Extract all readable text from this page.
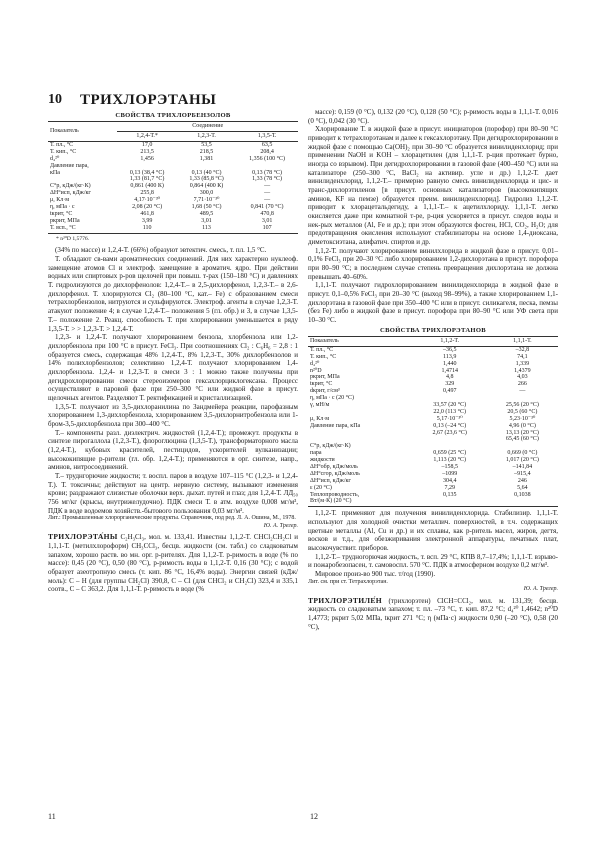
10 ТРИХЛОРЭТАНЫ
СВОЙСТВА ТРИХЛОРБЕНЗОЛОВ
Показатель	Соединение		
	1,2,4-Т.*	1,2,3-Т.	1,3,5-Т.
Т. пл., °С	17,0	53,5	63,5
Т. кип., °С	213,5	218,5	208,4
d₄²⁰	1,456	1,381	1,356 (100 °С)
Давление пара,			
кПа	0,13 (38,4 °С)	0,13 (40 °С)	0,13 (78 °С)
	1,33 (81,7 °С)	1,33 (85,8 °С)	1,33 (78 °С)
C°p, кДж/(кг·К)	0,861 (400 К)	0,864 (400 К)	—
ΔH°исп, кДж/кг	255,8	300,0	—
μ, Кл·м	4,17·10⁻³⁰	7,71·10⁻³⁰	—
η, мПа · с	2,08 (20 °С)	1,68 (50 °С)	0,841 (70 °С)
tкрит, °С	461,8	489,5	470,8
pкрит, МПа	3,99	3,01	3,01
Т. всп., °С	110	113	107
* n²⁰D 1,5776.

(34% по массе) и 1,2,4-Т. (66%) образуют эвтектич. смесь, т. пл. 1,5 °С.

Т. обладают св-вами ароматических соединений. Для них характерно нуклеоф. замещение атомов Cl и электроф. замещение в ароматич. ядро. При действии водных или спиртовых р-ров щелочей при повыш. т-рах (150–180 °С) и давлениях Т. гидролизуются до дихлорфенолов: 1,2,4-Т.– в 2,5-дихлорфенол, 1,2,3-Т.– в 2,6-дихлорфенол. Т. хлорируются Cl₂ (80–100 °С, кат.– Fe) с образованием смеси тетрахлорбензолов, нитруются и сульфируются. Электроф. агенты в случае 1,2,3-Т. атакуют положение 4; в случае 1,2,4-Т.– положения 5 (гл. обр.) и 3, в случае 1,3,5-Т.– положение 2. Реакц. способность Т. при хлорировании уменьшается в ряду 1,3,5-Т. > > 1,2,3-Т. > 1,2,4-Т.

1,2,3- и 1,2,4-Т. получают хлорированием бензола, хлорбензола или 1,2-дихлорбензола при 100 °С в присут. FeCl₃. При соотношениях Cl₂ : C₆H₆ = 2,8 : 1 образуется смесь, содержащая 48% 1,2,4-Т., 8% 1,2,3-Т., 30% дихлорбензолов и 14% полихлорбензолов; селективно 1,2,4-Т. получают хлорированием 1,4-дихлорбензола. 1,2,4- и 1,2,3-Т. в смеси 3 : 1 можно также получены при дегидрохлорировании смеси стереоизомеров гексахлорциклогексана. Процесс осуществляют в паровой фазе при 250–300 °С или жидкой фазе в присут. щелочных агентов. Разделяют Т. ректификацией и кристаллизацией.

1,3,5-Т. получают из 3,5-дихлоранилина по Зандмейера реакции, парофазным хлорированием 1,3-дихлорбензола, хлорированием 3,5-дихлорнитробензола или 1-бром-3,5-дихлорбензола при 300–400 °С.

Т.– компоненты разл. диэлектрич. жидкостей (1,2,4-Т.); промежут. продукты в синтезе пирогаллола (1,2,3-Т.), флороглюцина (1,3,5-Т.), трансформаторного масла (1,2,4-Т.), кубовых красителей, пестицидов, ускорителей вулканизации; высококипящие р-рители (гл. обр. 1,2,4-Т.); применяются в орг. синтезе, напр., аминов, нитросоединений.

Т.– труднгорючие жидкости; т. воспл. паров в воздухе 107–115 °С (1,2,3- и 1,2,4-Т.). Т. токсичны; действуют на центр. нервную систему, вызывают изменения крови; раздражают слизистые оболочки верх. дыхат. путей и глаз; для 1,2,4-Т. ЛД₅₀ 756 мг/кг (крысы, внутрижелудочно). ПДК смеси Т. в атм. воздухе 0,008 мг/м³, ПДК в водe водоемов хозяйств.-бытового пользования 0,03 мг/м³.

Лит.: Промышленные хлорорганические продукты. Справочник, под ред. Л. А. Ошина, М., 1978.

Ю. А. Трегер.

ТРИХЛОРЭТА́НЫ C₂H₃Cl₃, мол. м. 133,41. Известны 1,1,2-Т. CHCl₂CH₂Cl и 1,1,1-Т. (метилхлороформ) CH₃CCl₃, бесцв. жидкости (см. табл.) со сладковатым запахом, хорошо раств. во мн. орг. р-рителях. Для 1,1,2-Т. р-римость в воде (% по массе): 0,45 (20 °С), 0,50 (80 °С), р-римость воды в 1,1,2-Т. 0,16 (30 °С); с водой образует азеотропную смесь (т. кип. 86 °С, 16,4% воды). Энергии связей (кДж/моль): С – Н (для группы CH₂Cl) 390,8, С – Cl (для CHCl₂ и CH₂Cl) 323,4 и 335,1 соотв., С – С 363,2. Для 1,1,1-Т. р-римость в воде (%

массе): 0,159 (0 °С), 0,132 (20 °С), 0,128 (50 °С); р-римость воды в 1,1,1-Т. 0,016 (0 °С), 0,042 (30 °С).

Хлорирование Т. в жидкой фазе в присут. инициаторов (порофор) при 80–90 °С приводит к тетрахлорэтанам и далее к гексахлорэтану. При дегидрохлорировании в жидкой фазе с помощью Ca(OH)₂ при 30–90 °С образуется винилиденхлорид; при применении NaOH и KOH – хлорацетилен (для 1,1,1-Т. р-ция протекает бурно, иногда со взрывом). При дегидрохлорировании в газовой фазе (400–450 °С) или на катализаторе (250–300 °С, BaCl₂ на активир. угле и др.) 1,1,2-Т. дает винилиденхлорид, 1,1,2-Т.– примерно равную смесь винилиденхлорида и цис- и транс-дихлорэтиленов [в присут. основных катализаторов (высококипящих аминов, КF на пемзе) образуется преим. винилиденхлорид]. Гидролиз 1,1,2-Т. приводит к хлорацетальдегиду, а 1,1,1-Т.– к ацетилхлориду. 1,1,1-Т. легко окисляется даже при комнатной т-ре, р-ция ускоряется в присут. следов воды и нек-рых металлов (Al, Fe и др.); при этом образуются фосген, HCl, CO₂, H₂O; для предотвращения окисления используют стабилизаторы на основе 1,4-диоксана, диметоксиэтана, алифатич. спиртов и др.

1,1,2-Т. получают хлорированием винилхлорида в жидкой фазе в присут. 0,01–0,1% FeCl₃ при 20–30 °С либо хлорированием 1,2-дихлорэтана в присут. порофора при 80–90 °С; в последнем случае степень превращения дихлорэтана не должна превышать 40–60%.

1,1,1-Т. получают гидрохлорированием винилиденхлорида в жидкой фазе в присут. 0,1–0,5% FeCl₃ при 20–30 °С (выход 98–99%), а также хлорированием 1,1-дихлорэтана в газовой фазе при 350–400 °С или в присут. силикагеля, песка, пемзы (без Fe) либо в жидкой фазе в присут. порофора при 80–90 °С или УФ света при 10–30 °С.

СВОЙСТВА ТРИХЛОРЭТАНОВ
Показатель	1,1,2-Т.	1,1,1-Т.
Т. пл., °С	–36,5	–32,8
Т. кип., °С	113,9	74,1
d₄²⁰	1,440	1,339
n²⁰D	1,4714	1,4379
pкрит, МПа	4,8	4,03
tкрит, °С	329	266
dкрит, г/см³	0,497	—
η, мПа · с (20 °С)		
γ, мН/м	33,57 (20 °С)	25,56 (20 °С)
	22,0 (113 °С)	20,5 (60 °С)
μ, Кл·м	5,17·10⁻³⁰	5,23·10⁻³⁰
Давление пара, кПа	0,13 (–24 °С)	4,96 (0 °С)
	2,67 (23,6 °С)	13,13 (20 °С)
		65,45 (60 °С)
C°p, кДж/(кг·К)		
пара	0,659 (25 °С)	0,669 (0 °С)
жидкости	1,113 (20 °С)	1,017 (20 °С)
ΔH°обр, кДж/моль	–158,5	–141,84
ΔH°сгор, кДж/моль	–1099	–915,4
ΔH°исп, кДж/кг	304,4	246
ε (20 °С)	7,29	5,64
Теплопроводность,	0,135	0,1038
Вт/(м·К) (20 °С)		

1,1,2-Т. применяют для получения винилиденхлорида. Стабилизир. 1,1,1-Т. используют для холодной очистки металлич. поверхностей, в т.ч. содержащих цветные металлы (Al, Cu и др.) и их сплавы, как р-ритель масел, жиров, дегтя, восков и т.д., для обезжиривания электронной аппаратуры, печатных плат, высокочувствит. приборов.

1,1,2-Т.– трудногорючая жидкость, т. всп. 29 °С, КПВ 8,7–17,4%; 1,1,1-Т. взрыво- и пожаробезопасен, т. самовоспл. 570 °С. ПДК в атмосферном воздухе 0,2 мг/м³.

Мировое произ-во 900 тыс. т/год (1990).

Лит. см. при ст. Тетрахлорэтан.

Ю. А. Трегер.

ТРИХЛОРЭТИЛЕ́Н (трихлорэтен) ClCH=CCl₂, мол. м. 131,39; бесцв. жидкость со сладковатым запахом; т. пл. –73 °С, т. кип. 87,2 °С; d₄²⁰ 1,4642; n²⁰D 1,4773; pкрит 5,02 МПа, tкрит 271 °С; η (мПа·с) жидкости 0,90 (–20 °С), 0,58 (20 °С),

11	12
